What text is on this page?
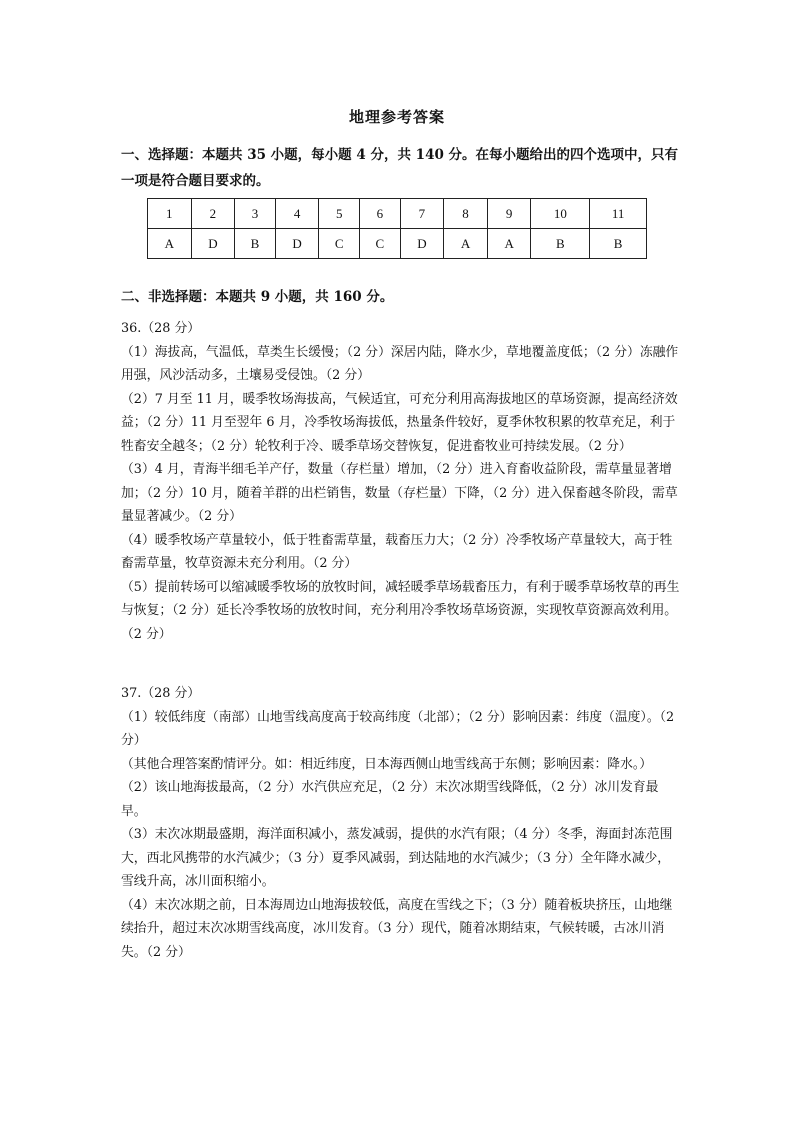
地理参考答案
一、选择题：本题共 35 小题，每小题 4 分，共 140 分。在每小题给出的四个选项中，只有一项是符合题目要求的。
1	2	3	4	5	6	7	8	9	10	11
A	D	B	D	C	C	D	A	A	B	B
二、非选择题：本题共 9 小题，共 160 分。

36.（28 分）

（1）海拔高，气温低，草类生长缓慢；（2 分）深居内陆，降水少，草地覆盖度低；（2 分）冻融作用强，风沙活动多，土壤易受侵蚀。（2 分）

（2）7 月至 11 月，暖季牧场海拔高，气候适宜，可充分利用高海拔地区的草场资源，提高经济效益；（2 分）11 月至翌年 6 月，冷季牧场海拔低，热量条件较好，夏季休牧积累的牧草充足，利于牲畜安全越冬；（2 分）轮牧利于冷、暖季草场交替恢复，促进畜牧业可持续发展。（2 分）

（3）4 月，青海半细毛羊产仔，数量（存栏量）增加，（2 分）进入育畜收益阶段，需草量显著增加；（2 分）10 月，随着羊群的出栏销售，数量（存栏量）下降，（2 分）进入保畜越冬阶段，需草量显著减少。（2 分）

（4）暖季牧场产草量较小，低于牲畜需草量，载畜压力大；（2 分）冷季牧场产草量较大，高于牲畜需草量，牧草资源未充分利用。（2 分）

（5）提前转场可以缩减暖季牧场的放牧时间，减轻暖季草场载畜压力，有利于暖季草场牧草的再生与恢复；（2 分）延长冷季牧场的放牧时间，充分利用冷季牧场草场资源，实现牧草资源高效利用。（2 分）

37.（28 分）

（1）较低纬度（南部）山地雪线高度高于较高纬度（北部）；（2 分）影响因素：纬度（温度）。（2 分）

（其他合理答案酌情评分。如：相近纬度，日本海西侧山地雪线高于东侧；影响因素：降水。）

（2）该山地海拔最高，（2 分）水汽供应充足，（2 分）末次冰期雪线降低，（2 分）冰川发育最早。

（3）末次冰期最盛期，海洋面积减小，蒸发减弱，提供的水汽有限；（4 分）冬季，海面封冻范围大，西北风携带的水汽减少；（3 分）夏季风减弱，到达陆地的水汽减少；（3 分）全年降水减少，雪线升高，冰川面积缩小。

（4）末次冰期之前，日本海周边山地海拔较低，高度在雪线之下；（3 分）随着板块挤压，山地继续抬升，超过末次冰期雪线高度，冰川发育。（3 分）现代，随着冰期结束，气候转暖，古冰川消失。（2 分）
